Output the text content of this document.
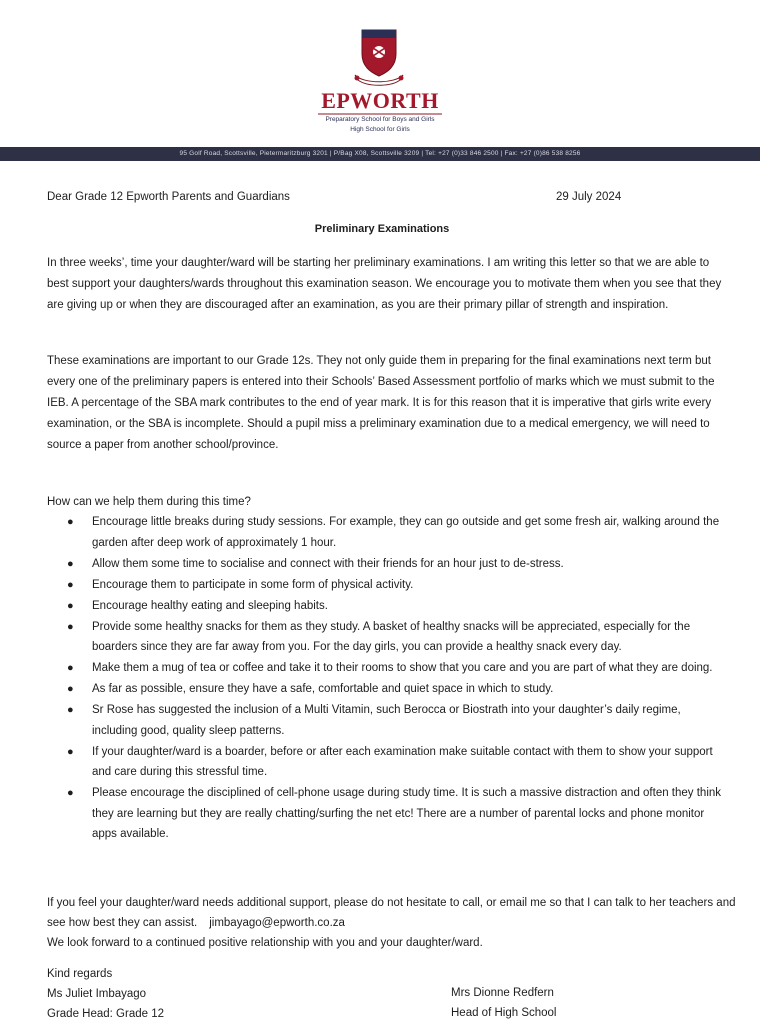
EPWORTH
Preparatory School for Boys and Girls
High School for Girls
95 Golf Road, Scottsville, Pietermaritzburg 3201 | P/Bag X08, Scottsville 3209 | Tel: +27 (0)33 846 2500 | Fax: +27 (0)86 538 8256
Dear Grade 12 Epworth Parents and Guardians	29 July 2024
Preliminary Examinations
In three weeks’, time your daughter/ward will be starting her preliminary examinations. I am writing this letter so that we are able to best support your daughters/wards throughout this examination season. We encourage you to motivate them when you see that they are giving up or when they are discouraged after an examination, as you are their primary pillar of strength and inspiration.
These examinations are important to our Grade 12s. They not only guide them in preparing for the final examinations next term but every one of the preliminary papers is entered into their Schools’ Based Assessment portfolio of marks which we must submit to the IEB. A percentage of the SBA mark contributes to the end of year mark. It is for this reason that it is imperative that girls write every examination, or the SBA is incomplete. Should a pupil miss a preliminary examination due to a medical emergency, we will need to source a paper from another school/province.
How can we help them during this time?
● Encourage little breaks during study sessions. For example, they can go outside and get some fresh air, walking around the garden after deep work of approximately 1 hour.
● Allow them some time to socialise and connect with their friends for an hour just to de-stress.
● Encourage them to participate in some form of physical activity.
● Encourage healthy eating and sleeping habits.
● Provide some healthy snacks for them as they study. A basket of healthy snacks will be appreciated, especially for the boarders since they are far away from you. For the day girls, you can provide a healthy snack every day.
● Make them a mug of tea or coffee and take it to their rooms to show that you care and you are part of what they are doing.
● As far as possible, ensure they have a safe, comfortable and quiet space in which to study.
● Sr Rose has suggested the inclusion of a Multi Vitamin, such Berocca or Biostrath into your daughter’s daily regime, including good, quality sleep patterns.
● If your daughter/ward is a boarder, before or after each examination make suitable contact with them to show your support and care during this stressful time.
● Please encourage the disciplined of cell-phone usage during study time. It is such a massive distraction and often they think they are learning but they are really chatting/surfing the net etc! There are a number of parental locks and phone monitor apps available.
If you feel your daughter/ward needs additional support, please do not hesitate to call, or email me so that I can talk to her teachers and see how best they can assist. jimbayago@epworth.co.za
We look forward to a continued positive relationship with you and your daughter/ward.
Kind regards
Ms Juliet Imbayago
Grade Head: Grade 12
Mrs Dionne Redfern
Head of High School
